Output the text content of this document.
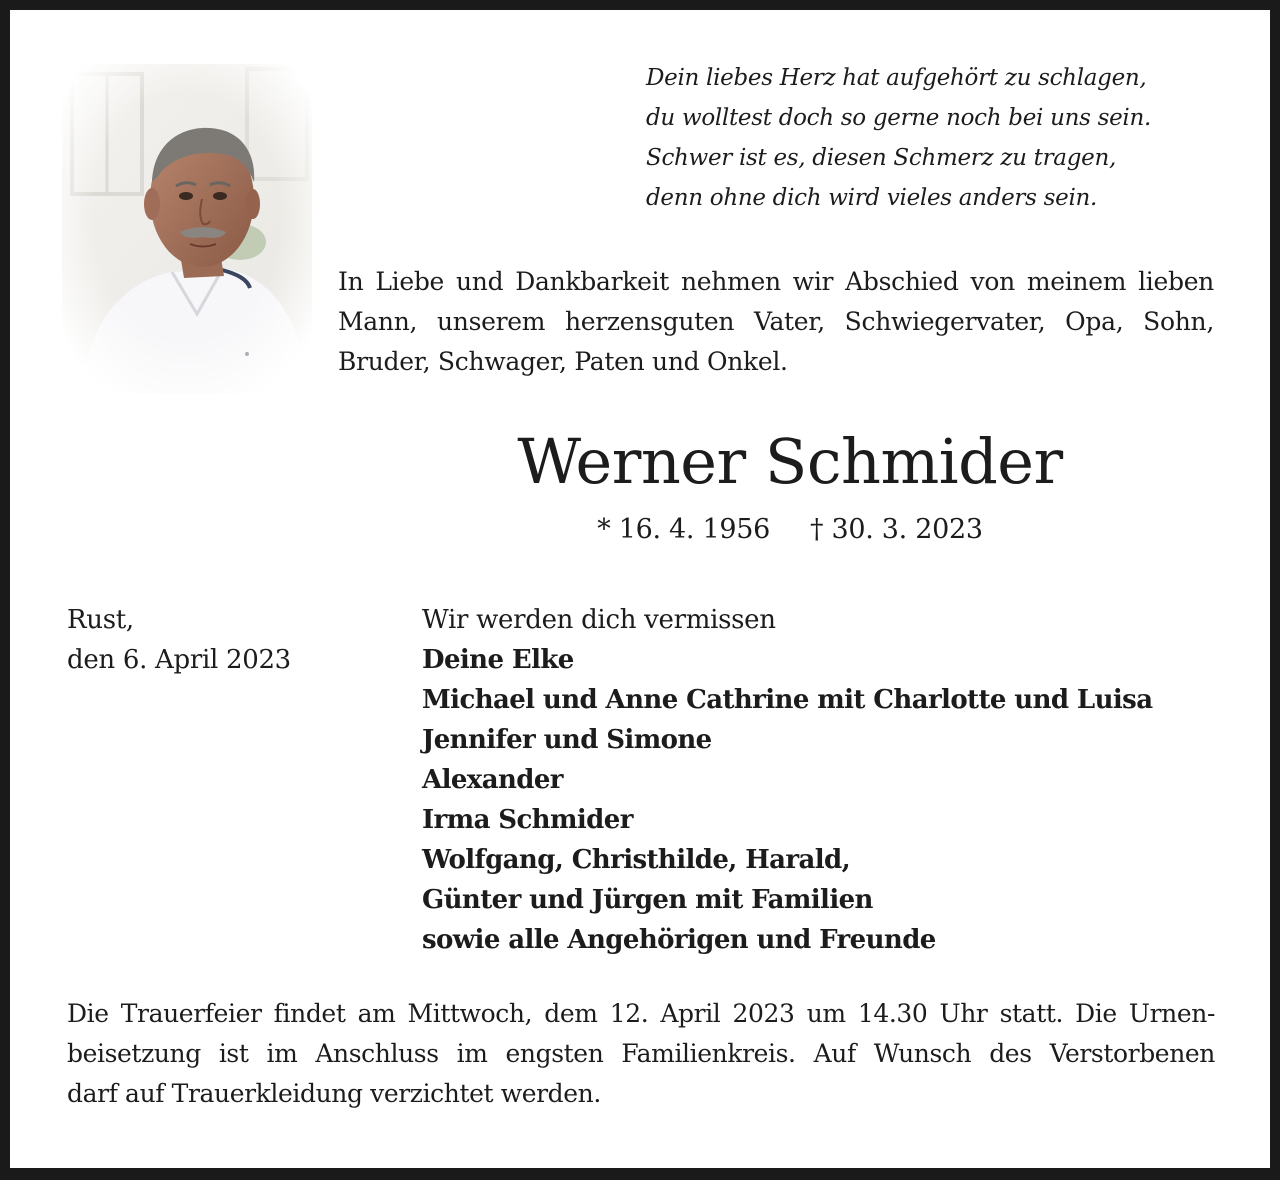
Dein liebes Herz hat aufgehört zu schlagen,
du wolltest doch so gerne noch bei uns sein.
Schwer ist es, diesen Schmerz zu tragen,
denn ohne dich wird vieles anders sein.
In Liebe und Dankbarkeit nehmen wir Abschied von meinem lieben Mann, unserem herzensguten Vater, Schwiegervater, Opa, Sohn, Bruder, Schwager, Paten und Onkel.
Werner Schmider
* 16. 4. 1956 † 30. 3. 2023
Rust,
den 6. April 2023
Wir werden dich vermissen
Deine Elke
Michael und Anne Cathrine mit Charlotte und Luisa
Jennifer und Simone
Alexander
Irma Schmider
Wolfgang, Christhilde, Harald,
Günter und Jürgen mit Familien
sowie alle Angehörigen und Freunde
Die Trauerfeier findet am Mittwoch, dem 12. April 2023 um 14.30 Uhr statt. Die Urnen-
beisetzung ist im Anschluss im engsten Familienkreis. Auf Wunsch des Verstorbenen
darf auf Trauerkleidung verzichtet werden.
